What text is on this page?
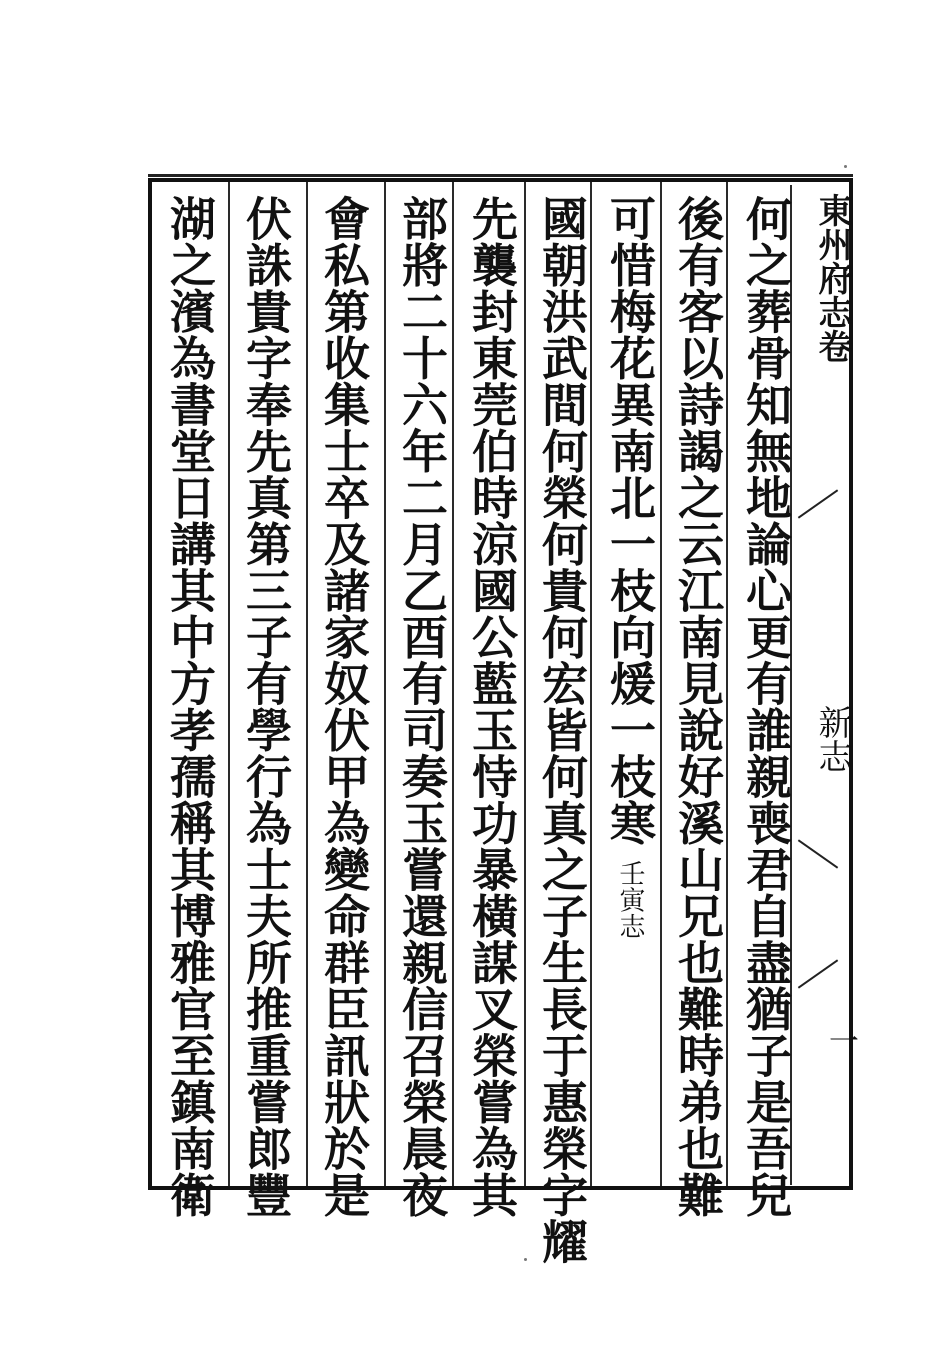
東州府志卷
新志
一
何之葬骨知無地論心更有誰親喪君自盡猶子是吾兒
後有客以詩謁之云江南見說好溪山兄也難時弟也難
可惜梅花異南北一枝向煖一枝寒
壬寅志
國朝洪武間何榮何貴何宏皆何真之子生長于惠榮字耀
先襲封東莞伯時涼國公藍玉恃功暴橫謀叉榮嘗為其
部將二十六年二月乙酉有司奏玉嘗還親信召榮晨夜
會私第收集士卒及諸家奴伏甲為變命群臣訊狀於是
伏誅貴字奉先真第三子有學行為士夫所推重嘗郎豐
湖之濱為書堂日講其中方孝孺稱其博雅官至鎮南衛
